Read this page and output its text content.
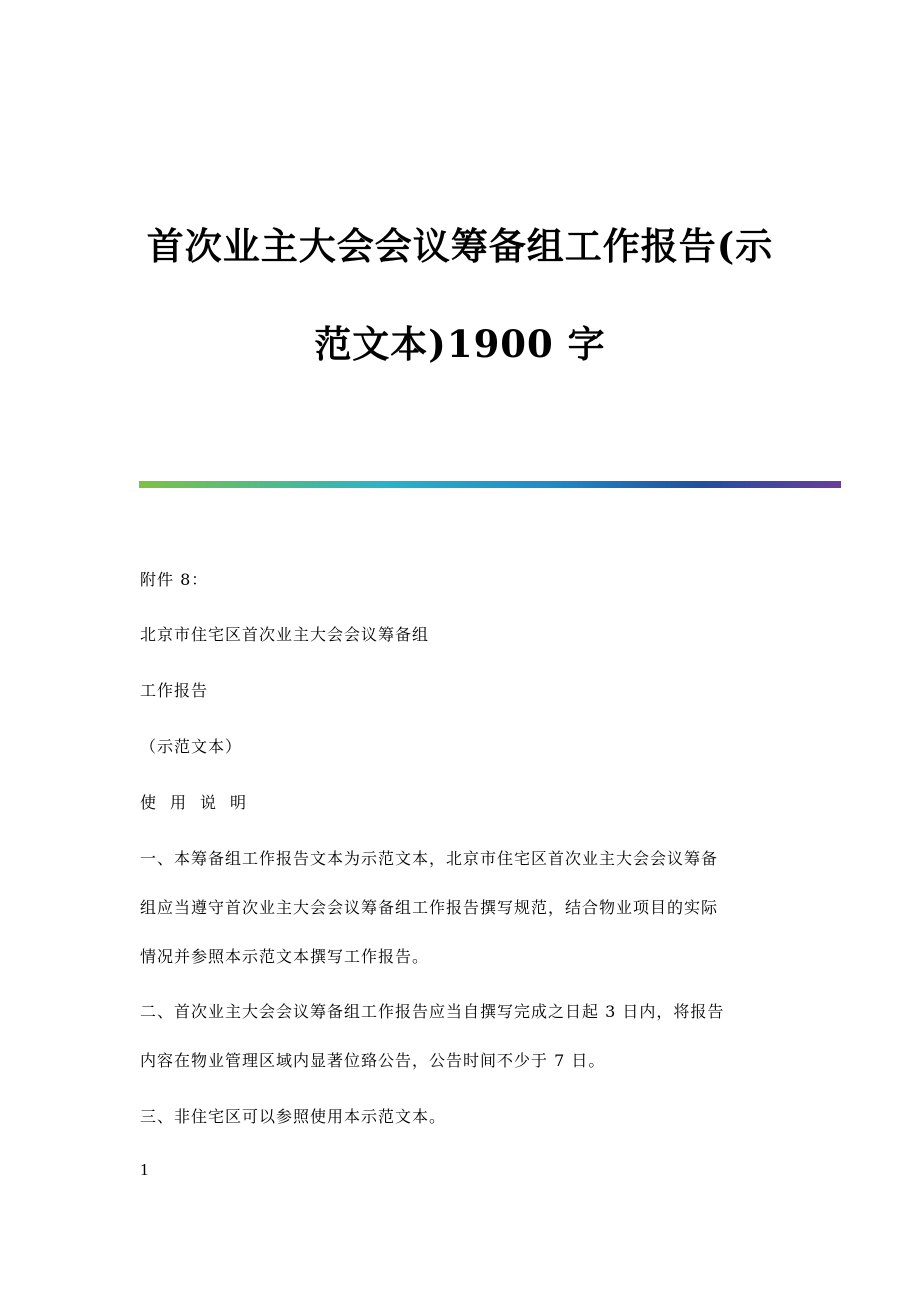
首次业主大会会议筹备组工作报告(示
范文本)1900 字
附件 8：
北京市住宅区首次业主大会会议筹备组
工作报告
（示范文本）
使用说明
一、本筹备组工作报告文本为示范文本，北京市住宅区首次业主大会会议筹备
组应当遵守首次业主大会会议筹备组工作报告撰写规范，结合物业项目的实际
情况并参照本示范文本撰写工作报告。
二、首次业主大会会议筹备组工作报告应当自撰写完成之日起 3 日内，将报告
内容在物业管理区域内显著位臵公告，公告时间不少于 7 日。
三、非住宅区可以参照使用本示范文本。
1
